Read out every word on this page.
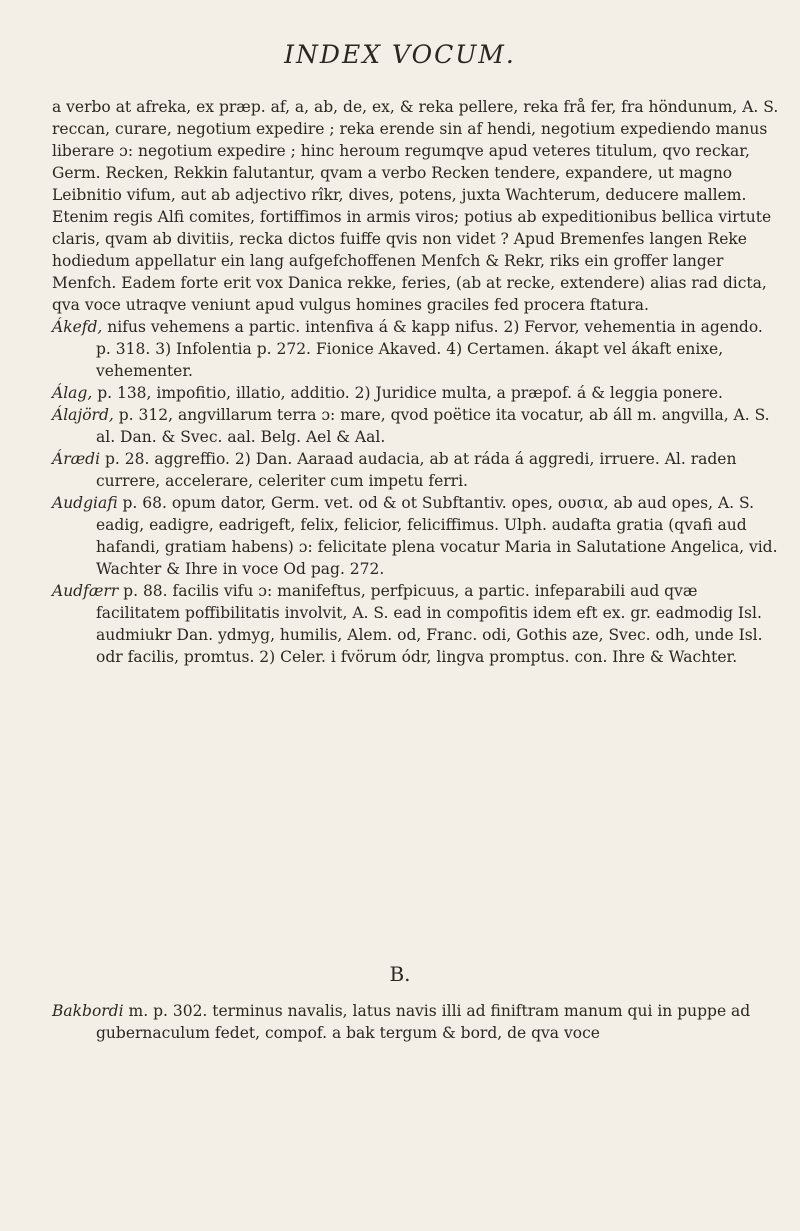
INDEX VOCUM.

a verbo at afreka, ex præp. af, a, ab, de, ex, & reka pellere, reka frå fer, fra höndunum, A. S. reccan, curare, negotium expedire ; reka erende sin af hendi, negotium expediendo manus liberare ɔ: negotium expedire ; hinc heroum regumqve apud veteres titulum, qvo reckar, Germ. Recken, Rekkin falutantur, qvam a verbo Recken tendere, expandere, ut magno Leibnitio vifum, aut ab adjectivo rîkr, dives, potens, juxta Wachterum, deducere mallem. Etenim regis Alfi comites, fortiffimos in armis viros; potius ab expeditionibus bellica virtute claris, qvam ab divitiis, recka dictos fuiffe qvis non videt ? Apud Bremenfes langen Reke hodiedum appellatur ein lang aufgefchoffenen Menfch & Rekr, riks ein groffer langer Menfch. Eadem forte erit vox Danica rekke, feries, (ab at recke, extendere) alias rad dicta, qva voce utraqve veniunt apud vulgus homines graciles fed procera ftatura.

Ákefd, nifus vehemens a partic. intenfiva á & kapp nifus. 2) Fervor, vehementia in agendo. p. 318. 3) Infolentia p. 272. Fionice Akaved. 4) Certamen. ákapt vel ákaft enixe, vehementer.

Álag, p. 138, impofitio, illatio, additio. 2) Juridice multa, a præpof. á & leggia ponere.

Álajörd, p. 312, angvillarum terra ɔ: mare, qvod poëtice ita vocatur, ab áll m. angvilla, A. S. al. Dan. & Svec. aal. Belg. Ael & Aal.

Árædi p. 28. aggreffio. 2) Dan. Aaraad audacia, ab at ráda á aggredi, irruere. Al. raden currere, accelerare, celeriter cum impetu ferri.

Audgiafi p. 68. opum dator, Germ. vet. od & ot Subftantiv. opes, ουσια, ab aud opes, A. S. eadig, eadigre, eadrigeft, felix, felicior, feliciffimus. Ulph. audafta gratia (qvafi aud hafandi, gratiam habens) ɔ: felicitate plena vocatur Maria in Salutatione Angelica, vid. Wachter & Ihre in voce Od pag. 272.

Audfærr p. 88. facilis vifu ɔ: manifeftus, perfpicuus, a partic. infeparabili aud qvæ facilitatem poffibilitatis involvit, A. S. ead in compofitis idem eft ex. gr. eadmodig Isl. audmiukr Dan. ydmyg, humilis, Alem. od, Franc. odi, Gothis aze, Svec. odh, unde Isl. odr facilis, promtus. 2) Celer. i fvörum ódr, lingva promptus. con. Ihre & Wachter.

B.

Bakbordi m. p. 302. terminus navalis, latus navis illi ad finiftram manum qui in puppe ad gubernaculum fedet, compof. a bak tergum & bord, de qva voce
